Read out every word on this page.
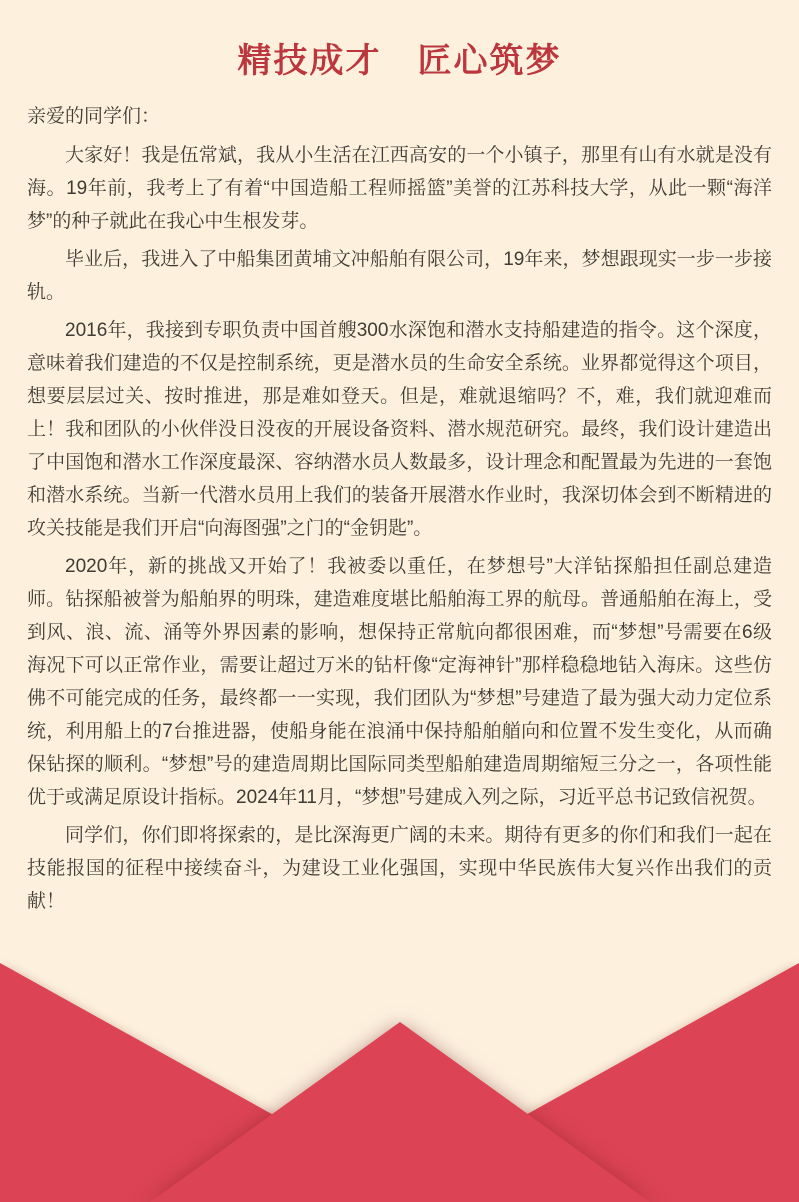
精技成才　匠心筑梦

亲爱的同学们：

大家好！我是伍常斌，我从小生活在江西高安的一个小镇子，那里有山有水就是没有海。19年前，我考上了有着“中国造船工程师摇篮”美誉的江苏科技大学，从此一颗“海洋梦”的种子就此在我心中生根发芽。

毕业后，我进入了中船集团黄埔文冲船舶有限公司，19年来，梦想跟现实一步一步接轨。

2016年，我接到专职负责中国首艘300水深饱和潜水支持船建造的指令。这个深度，意味着我们建造的不仅是控制系统，更是潜水员的生命安全系统。业界都觉得这个项目，想要层层过关、按时推进，那是难如登天。但是，难就退缩吗？不，难，我们就迎难而上！我和团队的小伙伴没日没夜的开展设备资料、潜水规范研究。最终，我们设计建造出了中国饱和潜水工作深度最深、容纳潜水员人数最多，设计理念和配置最为先进的一套饱和潜水系统。当新一代潜水员用上我们的装备开展潜水作业时，我深切体会到不断精进的攻关技能是我们开启“向海图强”之门的“金钥匙”。

2020年，新的挑战又开始了！我被委以重任，在梦想号”大洋钻探船担任副总建造师。钻探船被誉为船舶界的明珠，建造难度堪比船舶海工界的航母。普通船舶在海上，受到风、浪、流、涌等外界因素的影响，想保持正常航向都很困难，而“梦想”号需要在6级海况下可以正常作业，需要让超过万米的钻杆像“定海神针”那样稳稳地钻入海床。这些仿佛不可能完成的任务，最终都一一实现，我们团队为“梦想”号建造了最为强大动力定位系统，利用船上的7台推进器，使船身能在浪涌中保持船舶艏向和位置不发生变化，从而确保钻探的顺利。“梦想”号的建造周期比国际同类型船舶建造周期缩短三分之一，各项性能优于或满足原设计指标。2024年11月，“梦想”号建成入列之际，习近平总书记致信祝贺。

同学们，你们即将探索的，是比深海更广阔的未来。期待有更多的你们和我们一起在技能报国的征程中接续奋斗，为建设工业化强国，实现中华民族伟大复兴作出我们的贡献！
